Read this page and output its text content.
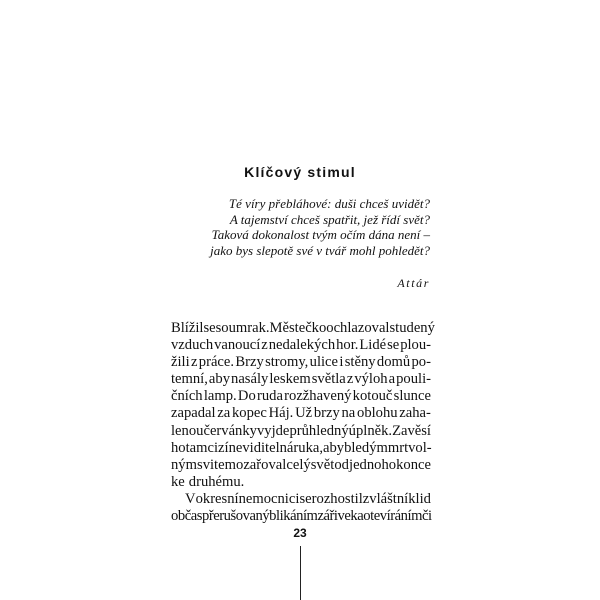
Klíčový stimul
Té víry přebláhové: duši chceš uvidět?
A tajemství chceš spatřit, jež řídí svět?
Taková dokonalost tvým očím dána není –
jako bys slepotě své v tvář mohl pohledět?
Attár
Blížil se soumrak. Městečko ochlazoval studený
vzduch vanoucí z nedalekých hor. Lidé se plou-
žili z práce. Brzy stromy, ulice i stěny domů po-
temní, aby nasály leskem světla z výloh a pouli-
čních lamp. Do ruda rozžhavený kotouč slunce
zapadal za kopec Háj. Už brzy na oblohu zaha-
lenou červánky vyjde průhledný úplněk. Zavěsí
ho tam cizí neviditelná ruka, aby bledým mrtvol-
ným svitem ozařoval celý svět od jednoho konce
ke druhému.
V okresní nemocnici se rozhostil zvláštní klid
občas přerušovaný blikáním zářivek a otevíráním či
23
